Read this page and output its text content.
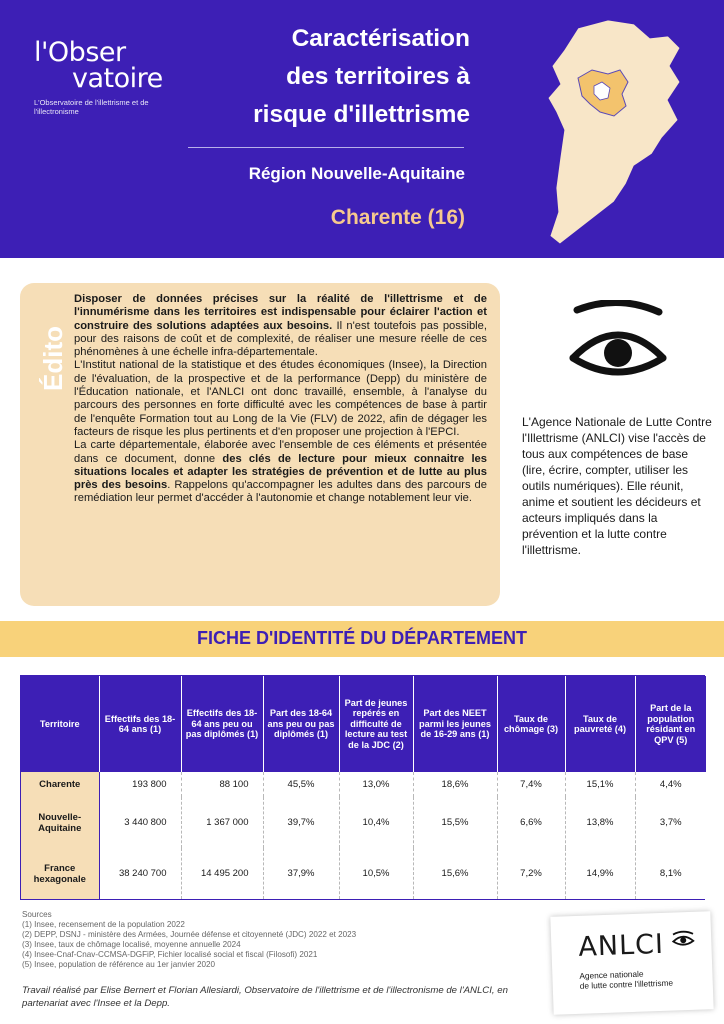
l'Obser
vatoire
L'Observatoire de l'illettrisme et de l'illectronisme
Caractérisation
des territoires à
risque d'illettrisme
Région Nouvelle-Aquitaine
Charente (16)
Édito

Disposer de données précises sur la réalité de l'illettrisme et de l'innumérisme dans les territoires est indispensable pour éclairer l'action et construire des solutions adaptées aux besoins. Il n'est toutefois pas possible, pour des raisons de coût et de complexité, de réaliser une mesure réelle de ces phénomènes à une échelle infra-départementale.

L'Institut national de la statistique et des études économiques (Insee), la Direction de l'évaluation, de la prospective et de la performance (Depp) du ministère de l'Éducation nationale, et l'ANLCI ont donc travaillé, ensemble, à l'analyse du parcours des personnes en forte difficulté avec les compétences de base à partir de l'enquête Formation tout au Long de la Vie (FLV) de 2022, afin de dégager les facteurs de risque les plus pertinents et d'en proposer une projection à l'EPCI.

La carte départementale, élaborée avec l'ensemble de ces éléments et présentée dans ce document, donne des clés de lecture pour mieux connaitre les situations locales et adapter les stratégies de prévention et de lutte au plus près des besoins. Rappelons qu'accompagner les adultes dans des parcours de remédiation leur permet d'accéder à l'autonomie et change notablement leur vie.

L'Agence Nationale de Lutte Contre l'Illettrisme (ANLCI) vise l'accès de tous aux compétences de base (lire, écrire, compter, utiliser les outils numériques). Elle réunit, anime et soutient les décideurs et acteurs impliqués dans la prévention et la lutte contre l'illettrisme.
FICHE D'IDENTITÉ DU DÉPARTEMENT
Territoire	Effectifs des 18-64 ans (1)	Effectifs des 18-64 ans peu ou pas diplômés (1)	Part des 18-64 ans peu ou pas diplômés (1)	Part de jeunes repérés en difficulté de lecture au test de la JDC (2)	Part des NEET parmi les jeunes de 16-29 ans (1)	Taux de chômage (3)	Taux de pauvreté (4)	Part de la population résidant en QPV (5)
Charente	193 800	88 100	45,5%	13,0%	18,6%	7,4%	15,1%	4,4%
Nouvelle-Aquitaine	3 440 800	1 367 000	39,7%	10,4%	15,5%	6,6%	13,8%	3,7%
France hexagonale	38 240 700	14 495 200	37,9%	10,5%	15,6%	7,2%	14,9%	8,1%
Sources
(1) Insee, recensement de la population 2022
(2) DEPP, DSNJ - ministère des Armées, Journée défense et citoyenneté (JDC) 2022 et 2023
(3) Insee, taux de chômage localisé, moyenne annuelle 2024
(4) Insee-Cnaf-Cnav-CCMSA-DGFiP, Fichier localisé social et fiscal (Filosofi) 2021
(5) Insee, population de référence au 1er janvier 2020
Travail réalisé par Elise Bernert et Florian Allesiardi, Observatoire de l'illettrisme et de l'illectronisme de l'ANLCI, en partenariat avec l'Insee et la Depp.
ANLCI
Agence nationale
de lutte contre l'illettrisme
